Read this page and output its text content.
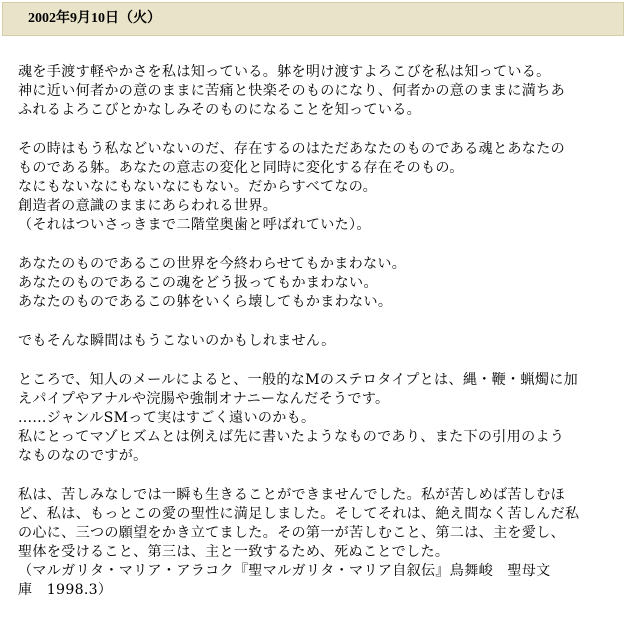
2002年9月10日（火）
魂を手渡す軽やかさを私は知っている。躰を明け渡すよろこびを私は知っている。
神に近い何者かの意のままに苦痛と快楽そのものになり、何者かの意のままに満ちあ
ふれるよろこびとかなしみそのものになることを知っている。
その時はもう私などいないのだ、存在するのはただあなたのものである魂とあなたの
ものである躰。あなたの意志の変化と同時に変化する存在そのもの。
なにもないなにもないなにもない。だからすべてなの。
創造者の意識のままにあらわれる世界。
（それはついさっきまで二階堂奥歯と呼ばれていた）。
あなたのものであるこの世界を今終わらせてもかまわない。
あなたのものであるこの魂をどう扱ってもかまわない。
あなたのものであるこの躰をいくら壊してもかまわない。
でもそんな瞬間はもうこないのかもしれません。
ところで、知人のメールによると、一般的なMのステロタイプとは、縄・鞭・蝋燭に加
えパイプやアナルや浣腸や強制オナニーなんだそうです。
......ジャンルSMって実はすごく遠いのかも。
私にとってマゾヒズムとは例えば先に書いたようなものであり、また下の引用のよう
なものなのですが。
私は、苦しみなしでは一瞬も生きることができませんでした。私が苦しめば苦しむほ
ど、私は、もっとこの愛の聖性に満足しました。そしてそれは、絶え間なく苦しんだ私
の心に、三つの願望をかき立てました。その第一が苦しむこと、第二は、主を愛し、
聖体を受けること、第三は、主と一致するため、死ぬことでした。
（マルガリタ・マリア・アラコク『聖マルガリタ・マリア自叙伝』鳥舞峻　聖母文
庫　1998.3）
